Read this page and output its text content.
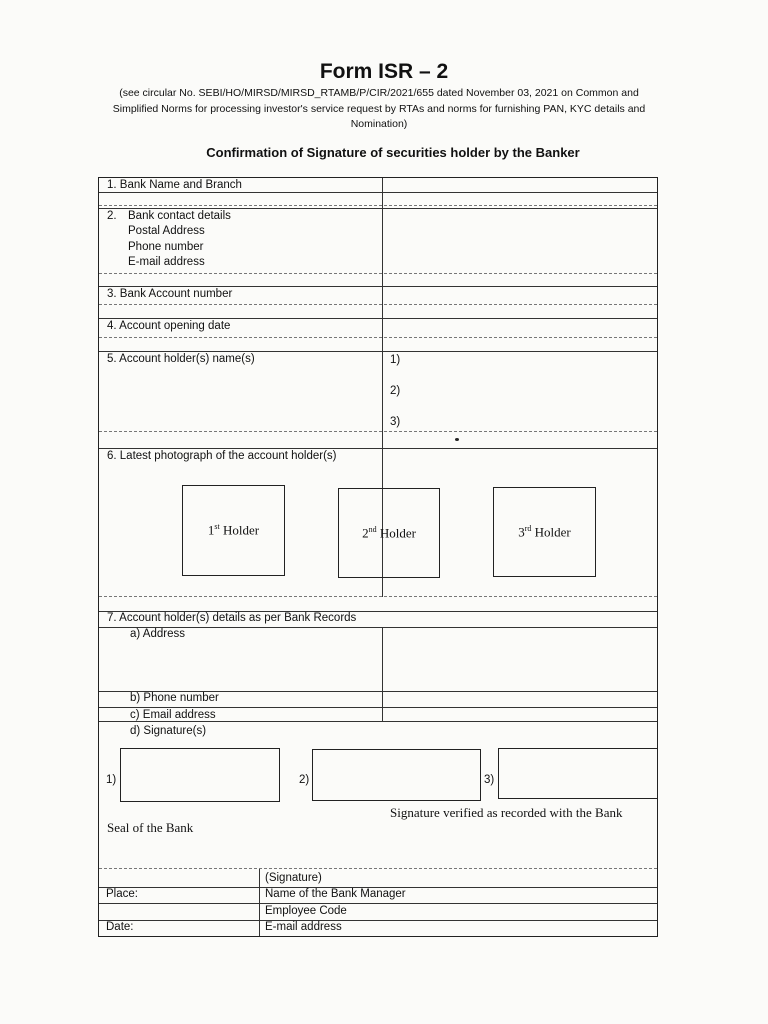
Form ISR – 2
(see circular No. SEBI/HO/MIRSD/MIRSD_RTAMB/P/CIR/2021/655 dated November 03, 2021 on Common and Simplified Norms for processing investor's service request by RTAs and norms for furnishing PAN, KYC details and Nomination)
Confirmation of Signature of securities holder by the Banker
1. Bank Name and Branch
2. Bank contact details
Postal Address
Phone number
E-mail address
3. Bank Account number
4. Account opening date
5. Account holder(s) name(s)	1)
2)
3)
6. Latest photograph of the account holder(s)
7. Account holder(s) details as per Bank Records
a) Address
b) Phone number
c) Email address
d) Signature(s)
1)	2)	3)
Signature verified as recorded with the Bank
Seal of the Bank
(Signature)
Place:	Name of the Bank Manager
Employee Code
Date:	E-mail address
1st Holder	2nd Holder	3rd Holder
